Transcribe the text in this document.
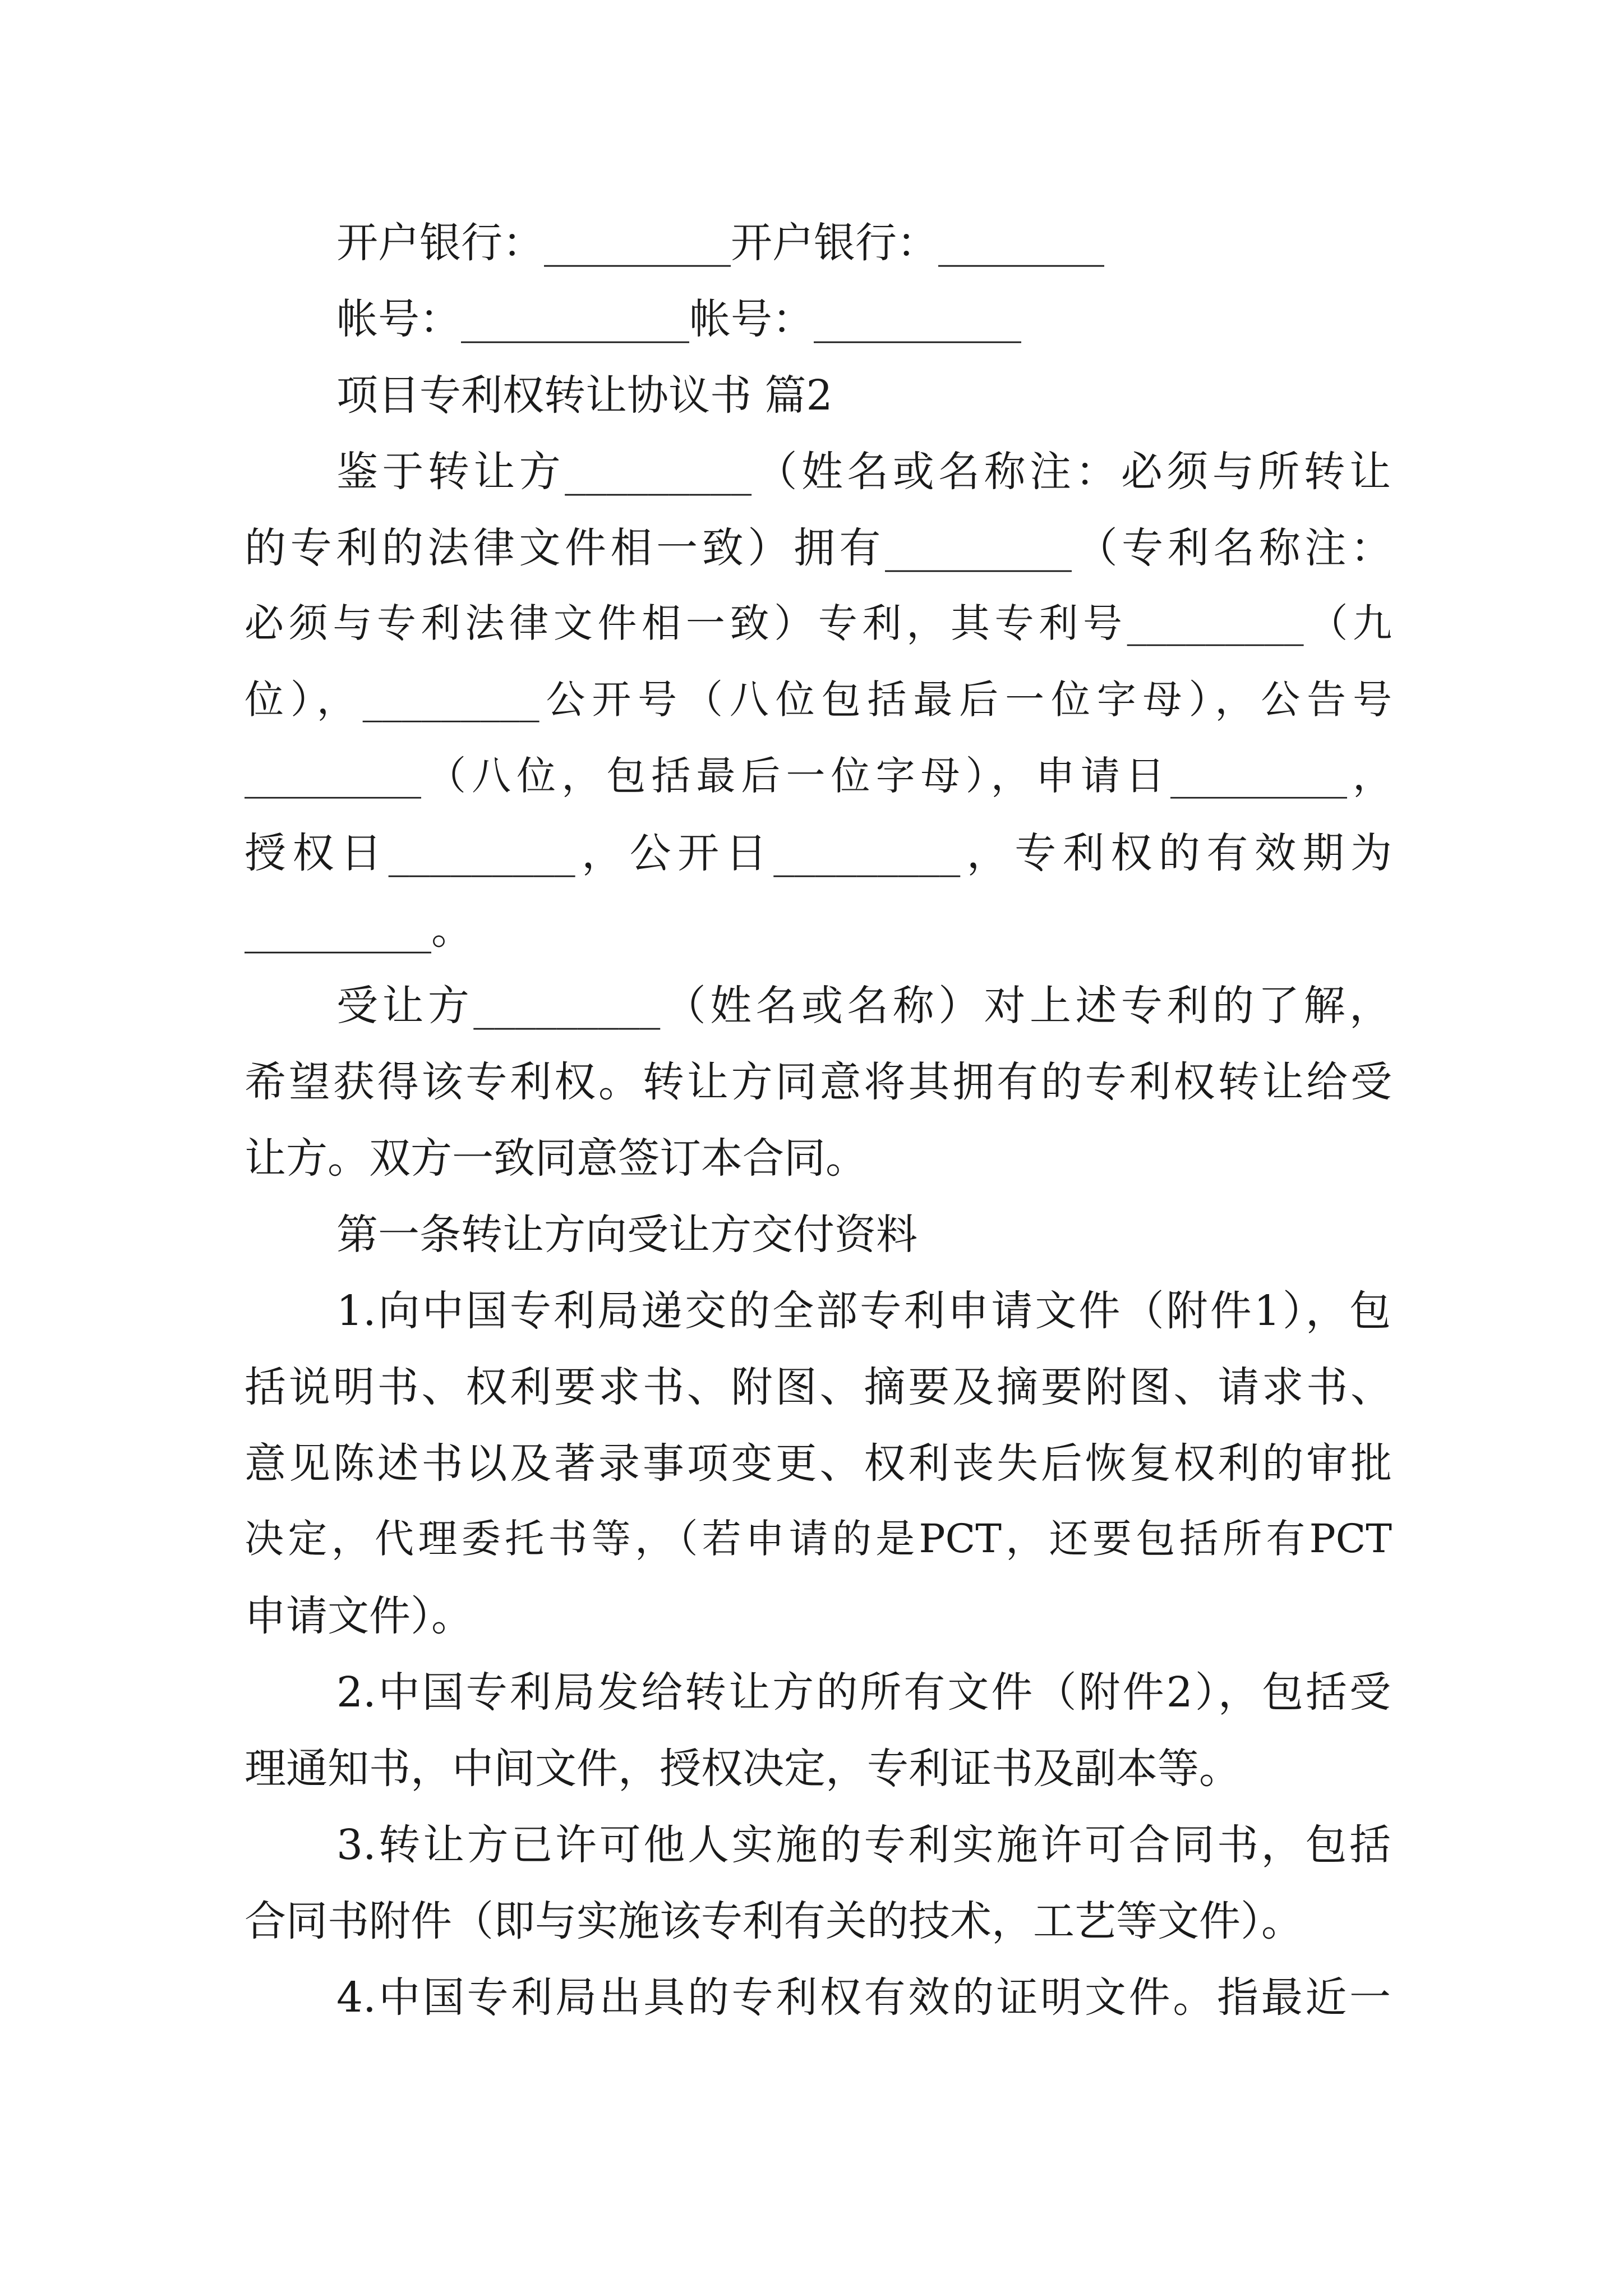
开户银行：_________开户银行：________

帐号：___________帐号：__________

项目专利权转让协议书 篇2

鉴于转让方_________（姓名或名称注：必须与所转让

的专利的法律文件相一致）拥有_________（专利名称注：

必须与专利法律文件相一致）专利，其专利号_________（九

位），_________公开号（八位包括最后一位字母），公告号

_________（八位，包括最后一位字母），申请日_________，

授权日_________，公开日_________，专利权的有效期为

_________。

受让方_________（姓名或名称）对上述专利的了解，

希望获得该专利权。转让方同意将其拥有的专利权转让给受

让方。双方一致同意签订本合同。

第一条转让方向受让方交付资料

1.向中国专利局递交的全部专利申请文件（附件1），包

括说明书、权利要求书、附图、摘要及摘要附图、请求书、

意见陈述书以及著录事项变更、权利丧失后恢复权利的审批

决定，代理委托书等，（若申请的是PCT，还要包括所有PCT

申请文件）。

2.中国专利局发给转让方的所有文件（附件2），包括受

理通知书，中间文件，授权决定，专利证书及副本等。

3.转让方已许可他人实施的专利实施许可合同书，包括

合同书附件（即与实施该专利有关的技术，工艺等文件）。

4.中国专利局出具的专利权有效的证明文件。指最近一
